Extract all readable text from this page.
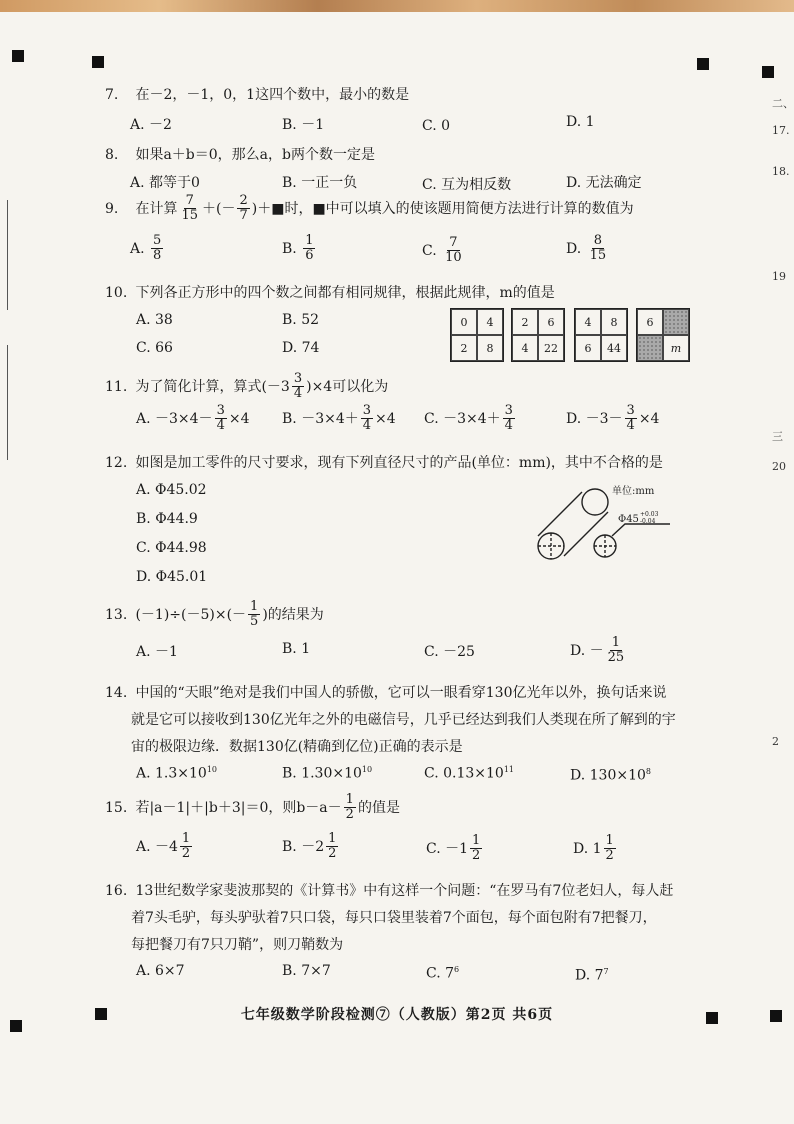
二、
17.
18.
19
三
20
2
7. 在－2，－1，0，1这四个数中，最小的数是
A. －2	B. －1	C. 0	D. 1
8. 如果a＋b＝0，那么a，b两个数一定是
A. 都等于0	B. 一正一负	C. 互为相反数	D. 无法确定
9. 在计算 $\frac{7}{15}$ ＋(－ $\frac{2}{7}$ )＋■时，■中可以填入的使该题用简便方法进行计算的数值为
A. $\frac{5}{8}$	B. $\frac{1}{6}$	C. $\frac{7}{10}$	D. $\frac{8}{15}$
10. 下列各正方形中的四个数之间都有相同规律，根据此规律，m的值是
A. 38	B. 52
C. 66	D. 74
0	4
2	8
2	6
4	22
4	8
6	44
6
m
11. 为了简化计算，算式$(-3 \frac{3}{4} )\times 4$可以化为
A. $-3\times 4- \frac{3}{4} \times 4$ B. $-3\times 4+ \frac{3}{4} \times 4$ C. $-3\times 4+ \frac{3}{4}$	D. $-3- \frac{3}{4} \times 4$
12. 如图是加工零件的尺寸要求，现有下列直径尺寸的产品(单位：mm)，其中不合格的是
A. Φ45.02
B. Φ44.9
C. Φ44.98
D. Φ45.01
单位:mm
Φ45 +0.03
-0.04
13. $(-1)\div(-5)\times(- \frac{1}{5}$ )的结果为
A. －1	B. 1	C. －25	D. － $\frac{1}{25}$
14. 中国的“天眼”绝对是我们中国人的骄傲，它可以一眼看穿130亿光年以外，换句话来说
就是它可以接收到130亿光年之外的电磁信号，几乎已经达到我们人类现在所了解到的宇
宙的极限边缘．数据130亿(精确到亿位)正确的表示是
A. $1.3\times 10^{10}$	B. $1.30\times 10^{10}$	C. $0.13\times 10^{11}$	D. $130\times 10^8$
15. 若|a－1|＋|b＋3|＝0，则$b-a- \frac{1}{2}$ 的值是
A. $-4 \frac{1}{2}$	B. $-2 \frac{1}{2}$	C. $-1 \frac{1}{2}$	D. $1 \frac{1}{2}$
16. 13世纪数学家斐波那契的《计算书》中有这样一个问题：“在罗马有7位老妇人，每人赶
着7头毛驴，每头驴驮着7只口袋，每只口袋里装着7个面包，每个面包附有7把餐刀，
每把餐刀有7只刀鞘”，则刀鞘数为
A. 6×7	B. 7×7	C. $7^6$	D. $7^7$
七年级数学阶段检测⑦（人教版）第2页 共6页
